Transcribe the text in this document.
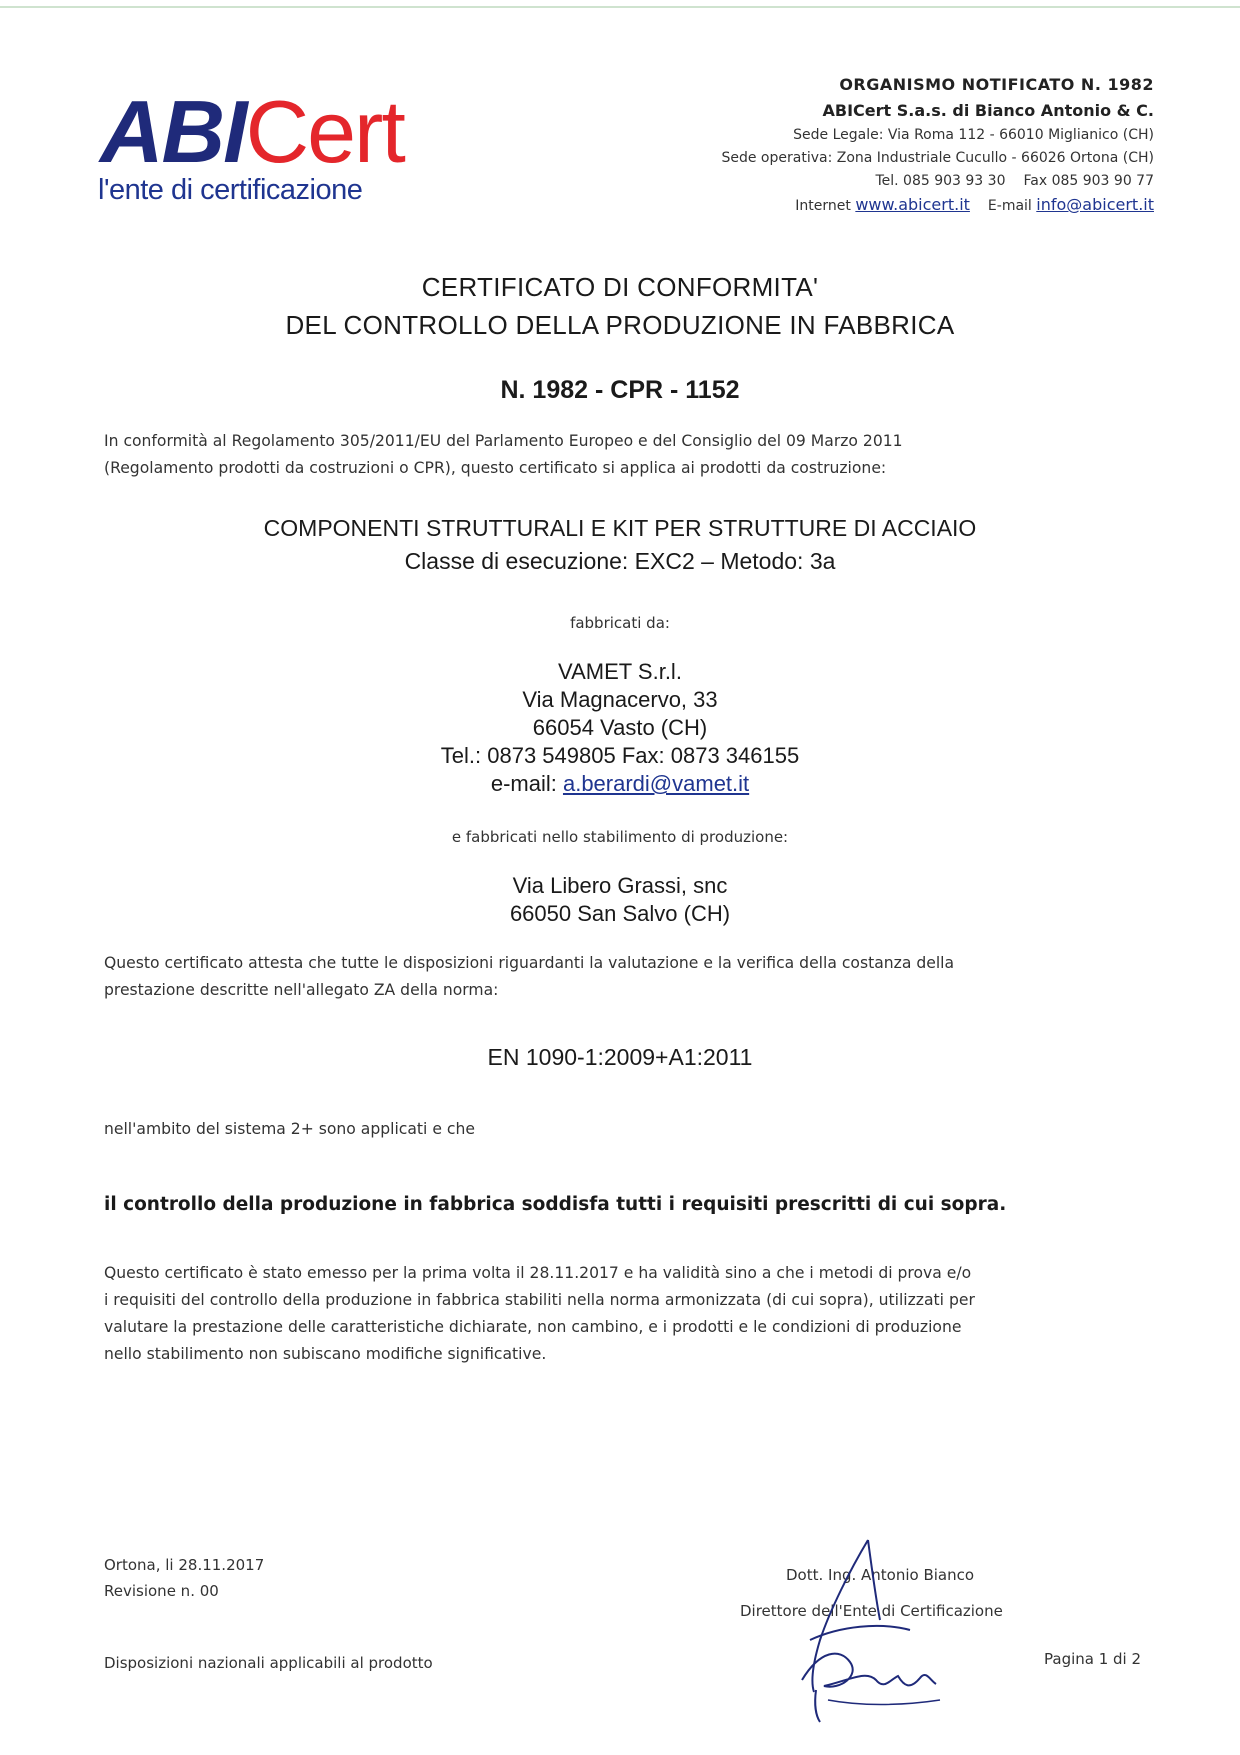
ABICert
l'ente di certificazione
ORGANISMO NOTIFICATO N. 1982
ABICert S.a.s. di Bianco Antonio & C.
Sede Legale: Via Roma 112 - 66010 Miglianico (CH)
Sede operativa: Zona Industriale Cucullo - 66026 Ortona (CH)
Tel. 085 903 93 30 Fax 085 903 90 77
Internet www.abicert.it E-mail info@abicert.it
CERTIFICATO DI CONFORMITA'
DEL CONTROLLO DELLA PRODUZIONE IN FABBRICA
N. 1982 - CPR - 1152
In conformità al Regolamento 305/2011/EU del Parlamento Europeo e del Consiglio del 09 Marzo 2011
(Regolamento prodotti da costruzioni o CPR), questo certificato si applica ai prodotti da costruzione:
COMPONENTI STRUTTURALI E KIT PER STRUTTURE DI ACCIAIO
Classe di esecuzione: EXC2 – Metodo: 3a
fabbricati da:
VAMET S.r.l.
Via Magnacervo, 33
66054 Vasto (CH)
Tel.: 0873 549805 Fax: 0873 346155
e-mail: a.berardi@vamet.it
e fabbricati nello stabilimento di produzione:
Via Libero Grassi, snc
66050 San Salvo (CH)
Questo certificato attesta che tutte le disposizioni riguardanti la valutazione e la verifica della costanza della
prestazione descritte nell'allegato ZA della norma:
EN 1090-1:2009+A1:2011
nell'ambito del sistema 2+ sono applicati e che
il controllo della produzione in fabbrica soddisfa tutti i requisiti prescritti di cui sopra.
Questo certificato è stato emesso per la prima volta il 28.11.2017 e ha validità sino a che i metodi di prova e/o
i requisiti del controllo della produzione in fabbrica stabiliti nella norma armonizzata (di cui sopra), utilizzati per
valutare la prestazione delle caratteristiche dichiarate, non cambino, e i prodotti e le condizioni di produzione
nello stabilimento non subiscano modifiche significative.
Ortona, li 28.11.2017
Revisione n. 00
Disposizioni nazionali applicabili al prodotto
Dott. Ing. Antonio Bianco
Direttore dell'Ente di Certificazione
Pagina 1 di 2
